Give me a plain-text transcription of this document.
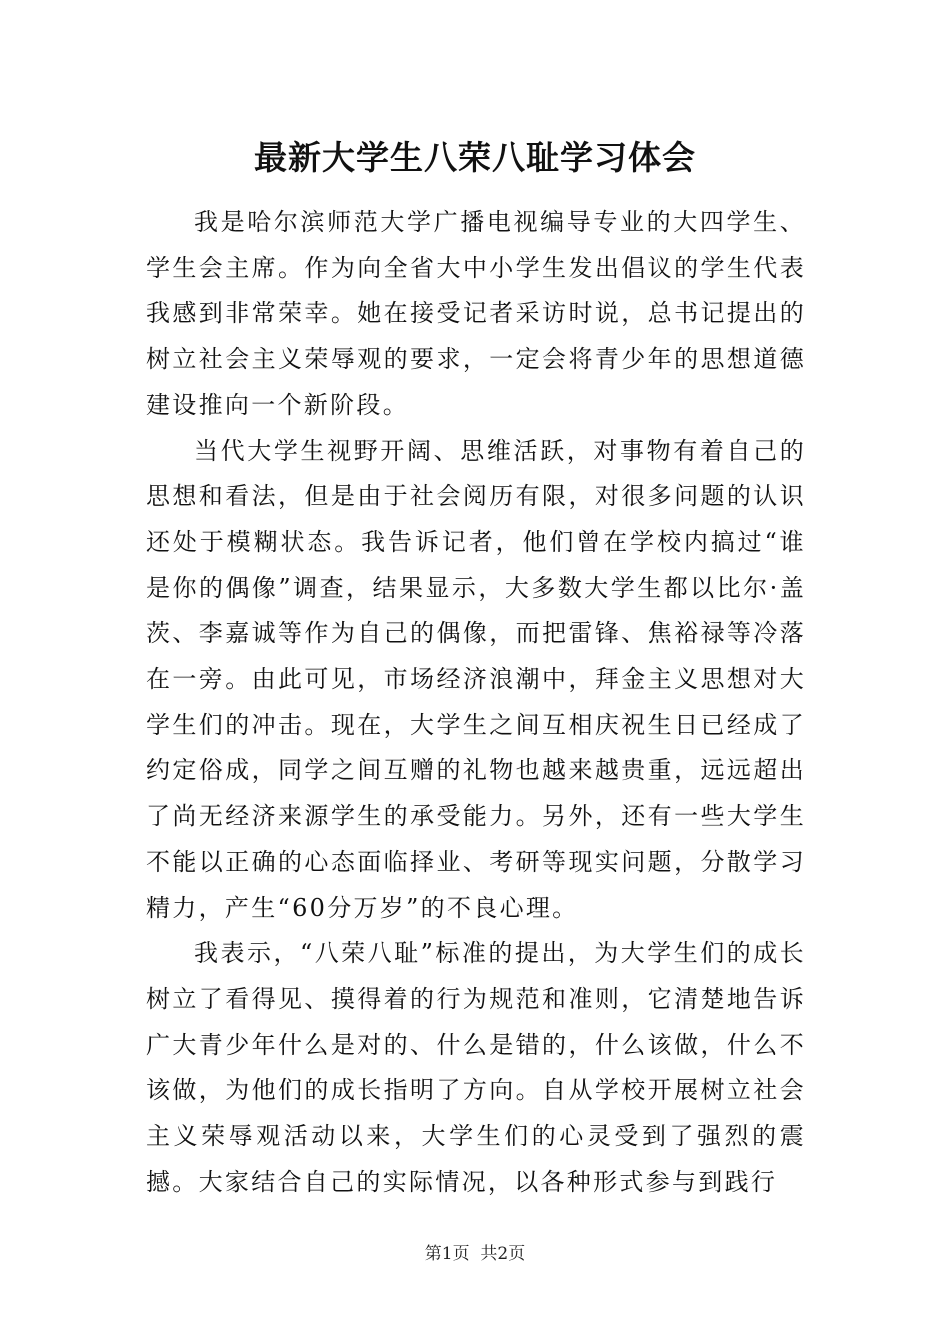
最新大学生八荣八耻学习体会

我是哈尔滨师范大学广播电视编导专业的大四学生、学生会主席。作为向全省大中小学生发出倡议的学生代表我感到非常荣幸。她在接受记者采访时说，总书记提出的树立社会主义荣辱观的要求，一定会将青少年的思想道德建设推向一个新阶段。

当代大学生视野开阔、思维活跃，对事物有着自己的思想和看法，但是由于社会阅历有限，对很多问题的认识还处于模糊状态。我告诉记者，他们曾在学校内搞过“谁是你的偶像”调查，结果显示，大多数大学生都以比尔·盖茨、李嘉诚等作为自己的偶像，而把雷锋、焦裕禄等冷落在一旁。由此可见，市场经济浪潮中，拜金主义思想对大学生们的冲击。现在，大学生之间互相庆祝生日已经成了约定俗成，同学之间互赠的礼物也越来越贵重，远远超出了尚无经济来源学生的承受能力。另外，还有一些大学生不能以正确的心态面临择业、考研等现实问题，分散学习精力，产生“60分万岁”的不良心理。

我表示，“八荣八耻”标准的提出，为大学生们的成长树立了看得见、摸得着的行为规范和准则，它清楚地告诉广大青少年什么是对的、什么是错的，什么该做，什么不该做，为他们的成长指明了方向。自从学校开展树立社会主义荣辱观活动以来，大学生们的心灵受到了强烈的震撼。大家结合自己的实际情况，以各种形式参与到践行

第1页 共2页
